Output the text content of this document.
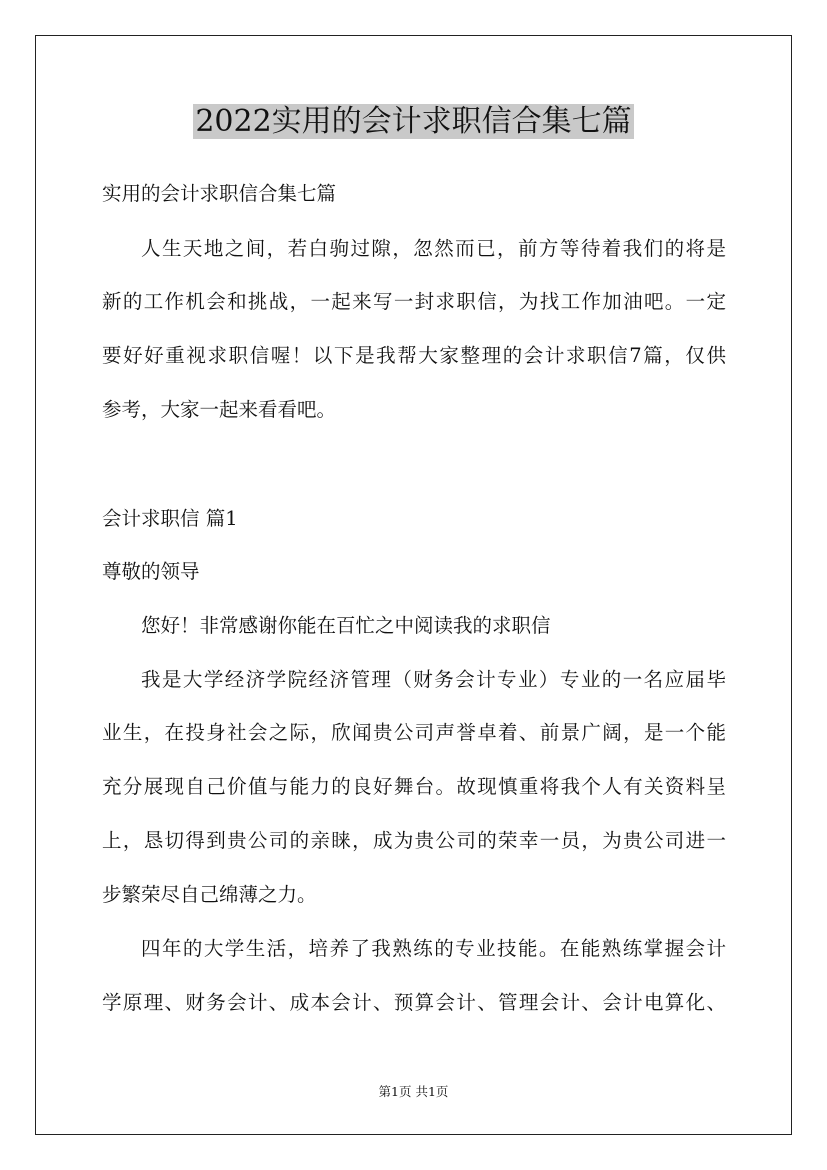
2022实用的会计求职信合集七篇
实用的会计求职信合集七篇
人生天地之间，若白驹过隙，忽然而已，前方等待着我们的将是
新的工作机会和挑战，一起来写一封求职信，为找工作加油吧。一定
要好好重视求职信喔！以下是我帮大家整理的会计求职信7篇，仅供
参考，大家一起来看看吧。
会计求职信 篇1
尊敬的领导
您好！非常感谢你能在百忙之中阅读我的求职信
我是大学经济学院经济管理（财务会计专业）专业的一名应届毕
业生，在投身社会之际，欣闻贵公司声誉卓着、前景广阔，是一个能
充分展现自己价值与能力的良好舞台。故现慎重将我个人有关资料呈
上，恳切得到贵公司的亲睐，成为贵公司的荣幸一员，为贵公司进一
步繁荣尽自己绵薄之力。
四年的大学生活，培养了我熟练的专业技能。在能熟练掌握会计
学原理、财务会计、成本会计、预算会计、管理会计、会计电算化、
第1页 共1页
